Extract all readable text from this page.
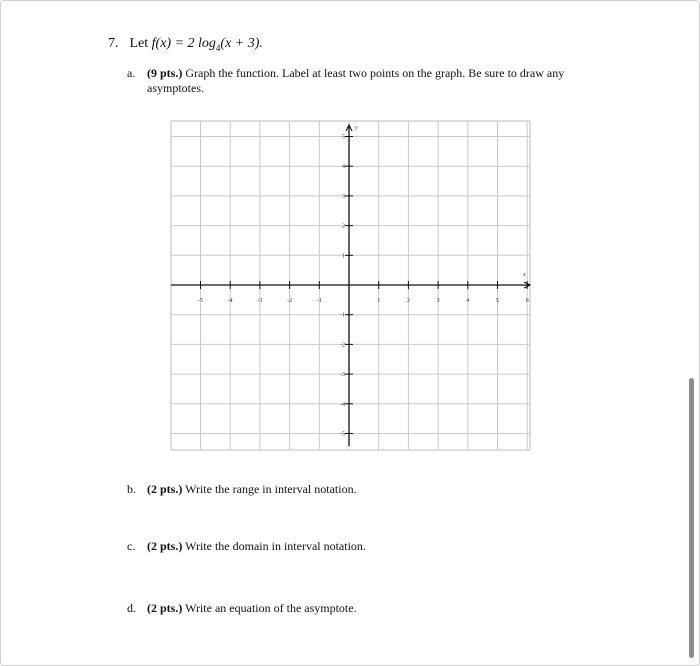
7. Let f(x) = 2 $\log_4(x + 3)$.
a. (9 pts.) Graph the function. Label at least two points on the graph. Be sure to draw any asymptotes.
x
y
-5	-4	-3	-2	-1	1	2	3	4	5	6
5
4
3
2
1
-1
-2
-3
-4
-5
b. (2 pts.) Write the range in interval notation.
c. (2 pts.) Write the domain in interval notation.
d. (2 pts.) Write an equation of the asymptote.
